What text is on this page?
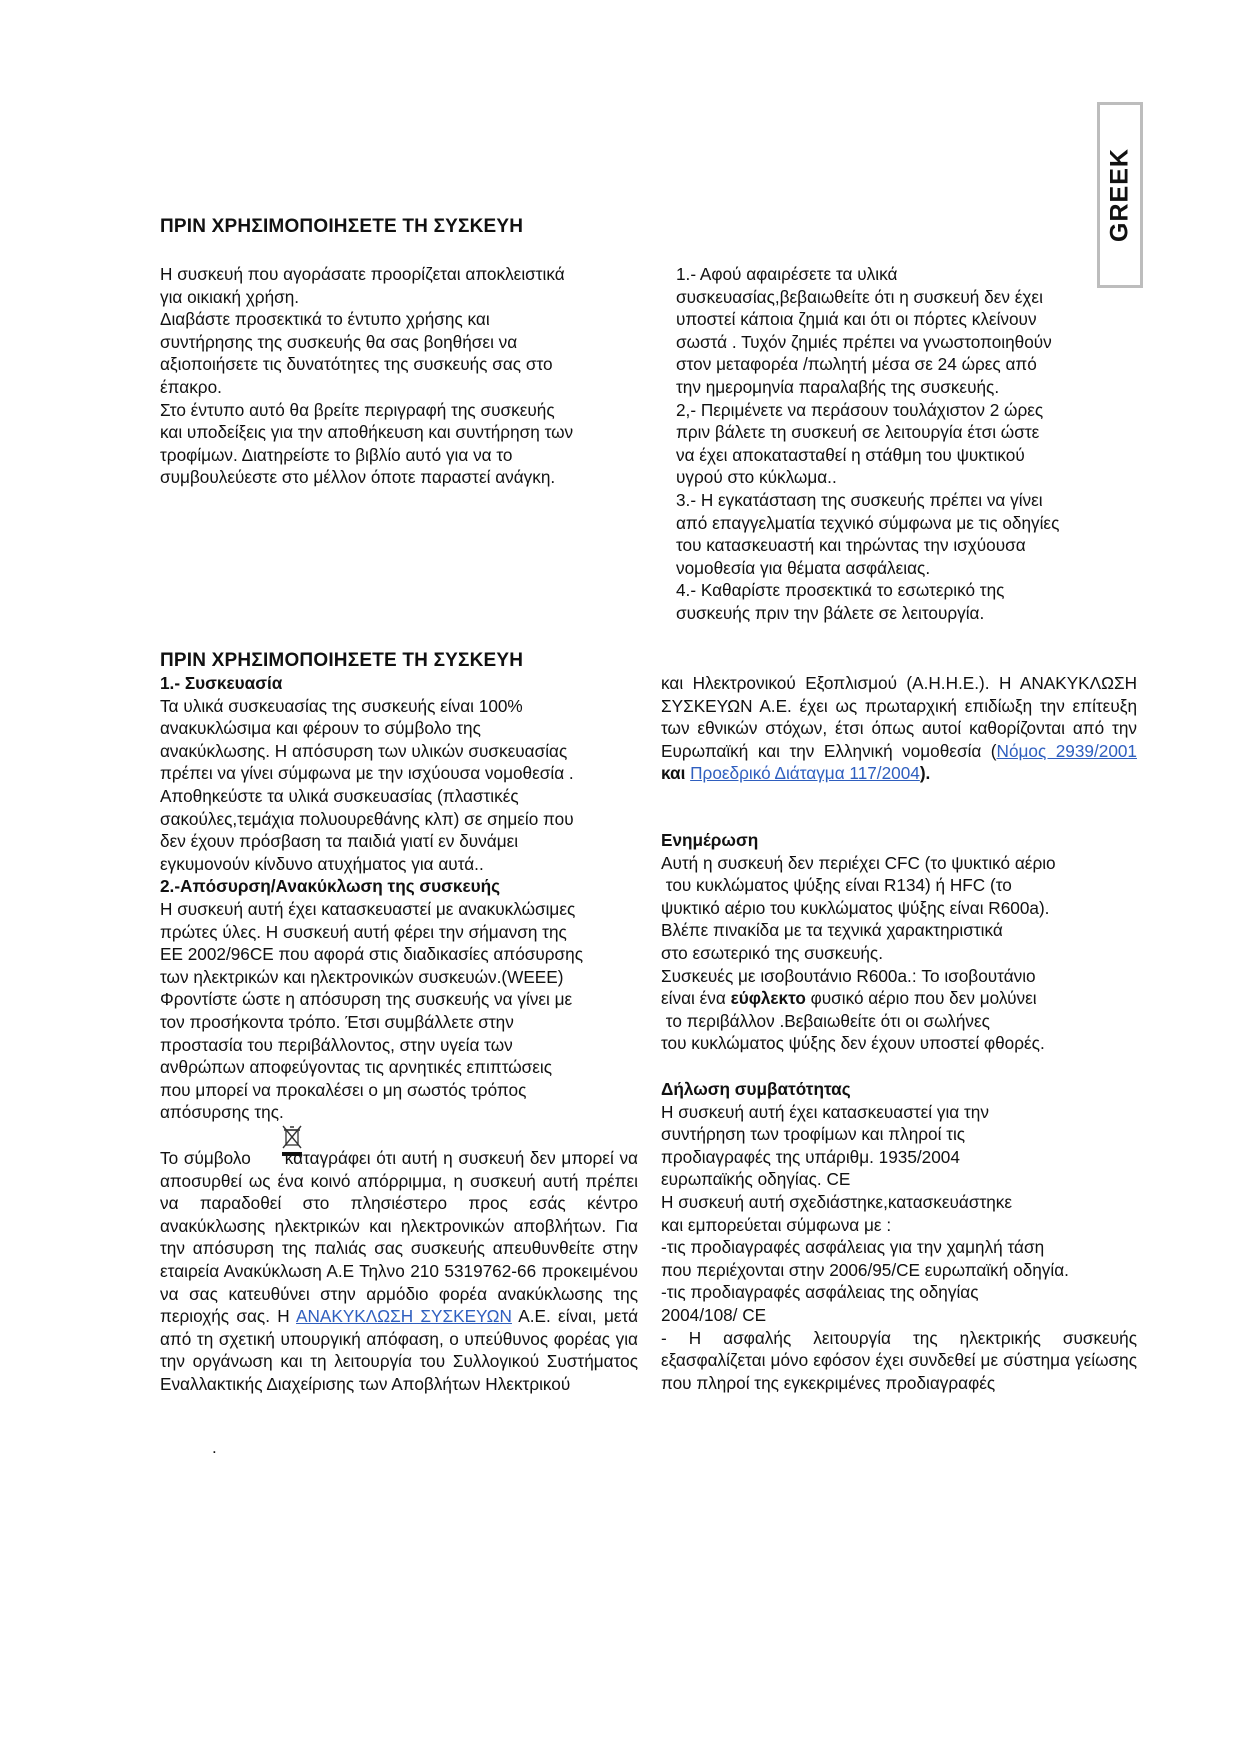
GREEK
ΠΡΙΝ ΧΡΗΣΙΜΟΠΟΙΗΣΕΤΕ ΤΗ ΣΥΣΚΕΥΗ
Η συσκευή που αγοράσατε προορίζεται αποκλειστικά
για οικιακή χρήση.
Διαβάστε προσεκτικά το έντυπο χρήσης και
συντήρησης της συσκευής θα σας βοηθήσει να
αξιοποιήσετε τις δυνατότητες της συσκευής σας στο
έπακρο.
Στο έντυπο αυτό θα βρείτε περιγραφή της συσκευής
και υποδείξεις για την αποθήκευση και συντήρηση των
τροφίμων. Διατηρείστε το βιβλίο αυτό για να το
συμβουλεύεστε στο μέλλον όποτε παραστεί ανάγκη.
1.- Αφού αφαιρέσετε τα υλικά
συσκευασίας,βεβαιωθείτε ότι η συσκευή δεν έχει
υποστεί κάποια ζημιά και ότι οι πόρτες κλείνουν
σωστά . Τυχόν ζημιές πρέπει να γνωστοποιηθούν
στον μεταφορέα /πωλητή μέσα σε 24 ώρες από
την ημερομηνία παραλαβής της συσκευής.
2,- Περιμένετε να περάσουν τουλάχιστον 2 ώρες
πριν βάλετε τη συσκευή σε λειτουργία έτσι ώστε
να έχει αποκατασταθεί η στάθμη του ψυκτικού
υγρού στο κύκλωμα..
3.- Η εγκατάσταση της συσκευής πρέπει να γίνει
από επαγγελματία τεχνικό σύμφωνα με τις οδηγίες
του κατασκευαστή και τηρώντας την ισχύουσα
νομοθεσία για θέματα ασφάλειας.
4.- Καθαρίστε προσεκτικά το εσωτερικό της
συσκευής πριν την βάλετε σε λειτουργία.
ΠΡΙΝ ΧΡΗΣΙΜΟΠΟΙΗΣΕΤΕ ΤΗ ΣΥΣΚΕΥΗ
1.- Συσκευασία
Τα υλικά συσκευασίας της συσκευής είναι 100%
ανακυκλώσιμα και φέρουν το σύμβολο της
ανακύκλωσης. Η απόσυρση των υλικών συσκευασίας
πρέπει να γίνει σύμφωνα με την ισχύουσα νομοθεσία .
Αποθηκεύστε τα υλικά συσκευασίας (πλαστικές
σακούλες,τεμάχια πολυουρεθάνης κλπ) σε σημείο που
δεν έχουν πρόσβαση τα παιδιά γιατί εν δυνάμει
εγκυμονούν κίνδυνο ατυχήματος για αυτά..
2.-Απόσυρση/Ανακύκλωση της συσκευής
Η συσκευή αυτή έχει κατασκευαστεί με ανακυκλώσιμες
πρώτες ύλες. Η συσκευή αυτή φέρει την σήμανση της
ΕΕ 2002/96CE που αφορά στις διαδικασίες απόσυρσης
των ηλεκτρικών και ηλεκτρονικών συσκευών.(WEEE)
Φροντίστε ώστε η απόσυρση της συσκευής να γίνει με
τον προσήκοντα τρόπο. Έτσι συμβάλλετε στην
προστασία του περιβάλλοντος, στην υγεία των
ανθρώπων αποφεύγοντας τις αρνητικές επιπτώσεις
που μπορεί να προκαλέσει ο μη σωστός τρόπος
απόσυρσης της.
Το σύμβολο καταγράφει ότι αυτή η συσκευή δεν μπορεί να αποσυρθεί ως ένα κοινό απόρριμμα, η συσκευή αυτή πρέπει να παραδοθεί στο πλησιέστερο προς εσάς κέντρο ανακύκλωσης ηλεκτρικών και ηλεκτρονικών αποβλήτων. Για την απόσυρση της παλιάς σας συσκευής απευθυνθείτε στην εταιρεία Ανακύκλωση Α.Ε Τηλνο 210 5319762-66 προκειμένου να σας κατευθύνει στην αρμόδιο φορέα ανακύκλωσης της περιοχής σας. Η ΑΝΑΚΥΚΛΩΣΗ ΣΥΣΚΕΥΩΝ Α.Ε. είναι, μετά από τη σχετική υπουργική απόφαση, ο υπεύθυνος φορέας για την οργάνωση και τη λειτουργία του Συλλογικού Συστήματος Εναλλακτικής Διαχείρισης των Αποβλήτων Ηλεκτρικού
.
και Ηλεκτρονικού Εξοπλισμού (Α.Η.Η.Ε.). Η ΑΝΑΚΥΚΛΩΣΗ ΣΥΣΚΕΥΩΝ Α.Ε. έχει ως πρωταρχική επιδίωξη την επίτευξη των εθνικών στόχων, έτσι όπως αυτοί καθορίζονται από την Ευρωπαϊκή και την Ελληνική νομοθεσία (Νόμος 2939/2001 και Προεδρικό Διάταγμα 117/2004).
Ενημέρωση
Αυτή η συσκευή δεν περιέχει CFC (το ψυκτικό αέριο
του κυκλώματος ψύξης είναι R134) ή HFC (το
ψυκτικό αέριο του κυκλώματος ψύξης είναι R600a).
Βλέπε πινακίδα με τα τεχνικά χαρακτηριστικά
στο εσωτερικό της συσκευής.
Συσκευές με ισοβουτάνιο R600a.: Το ισοβουτάνιο
είναι ένα εύφλεκτο φυσικό αέριο που δεν μολύνει
το περιβάλλον .Βεβαιωθείτε ότι οι σωλήνες
του κυκλώματος ψύξης δεν έχουν υποστεί φθορές.
Δήλωση συμβατότητας
Η συσκευή αυτή έχει κατασκευαστεί για την
συντήρηση των τροφίμων και πληροί τις
προδιαγραφές της υπάριθμ. 1935/2004
ευρωπαϊκής οδηγίας. CE
Η συσκευή αυτή σχεδιάστηκε,κατασκευάστηκε
και εμπορεύεται σύμφωνα με :
-τις προδιαγραφές ασφάλειας για την χαμηλή τάση
που περιέχονται στην 2006/95/CE ευρωπαϊκή οδηγία.
-τις προδιαγραφές ασφάλειας της οδηγίας
2004/108/ CE
- Η ασφαλής λειτουργία της ηλεκτρικής συσκευής εξασφαλίζεται μόνο εφόσον έχει συνδεθεί με σύστημα γείωσης που πληροί της εγκεκριμένες προδιαγραφές
